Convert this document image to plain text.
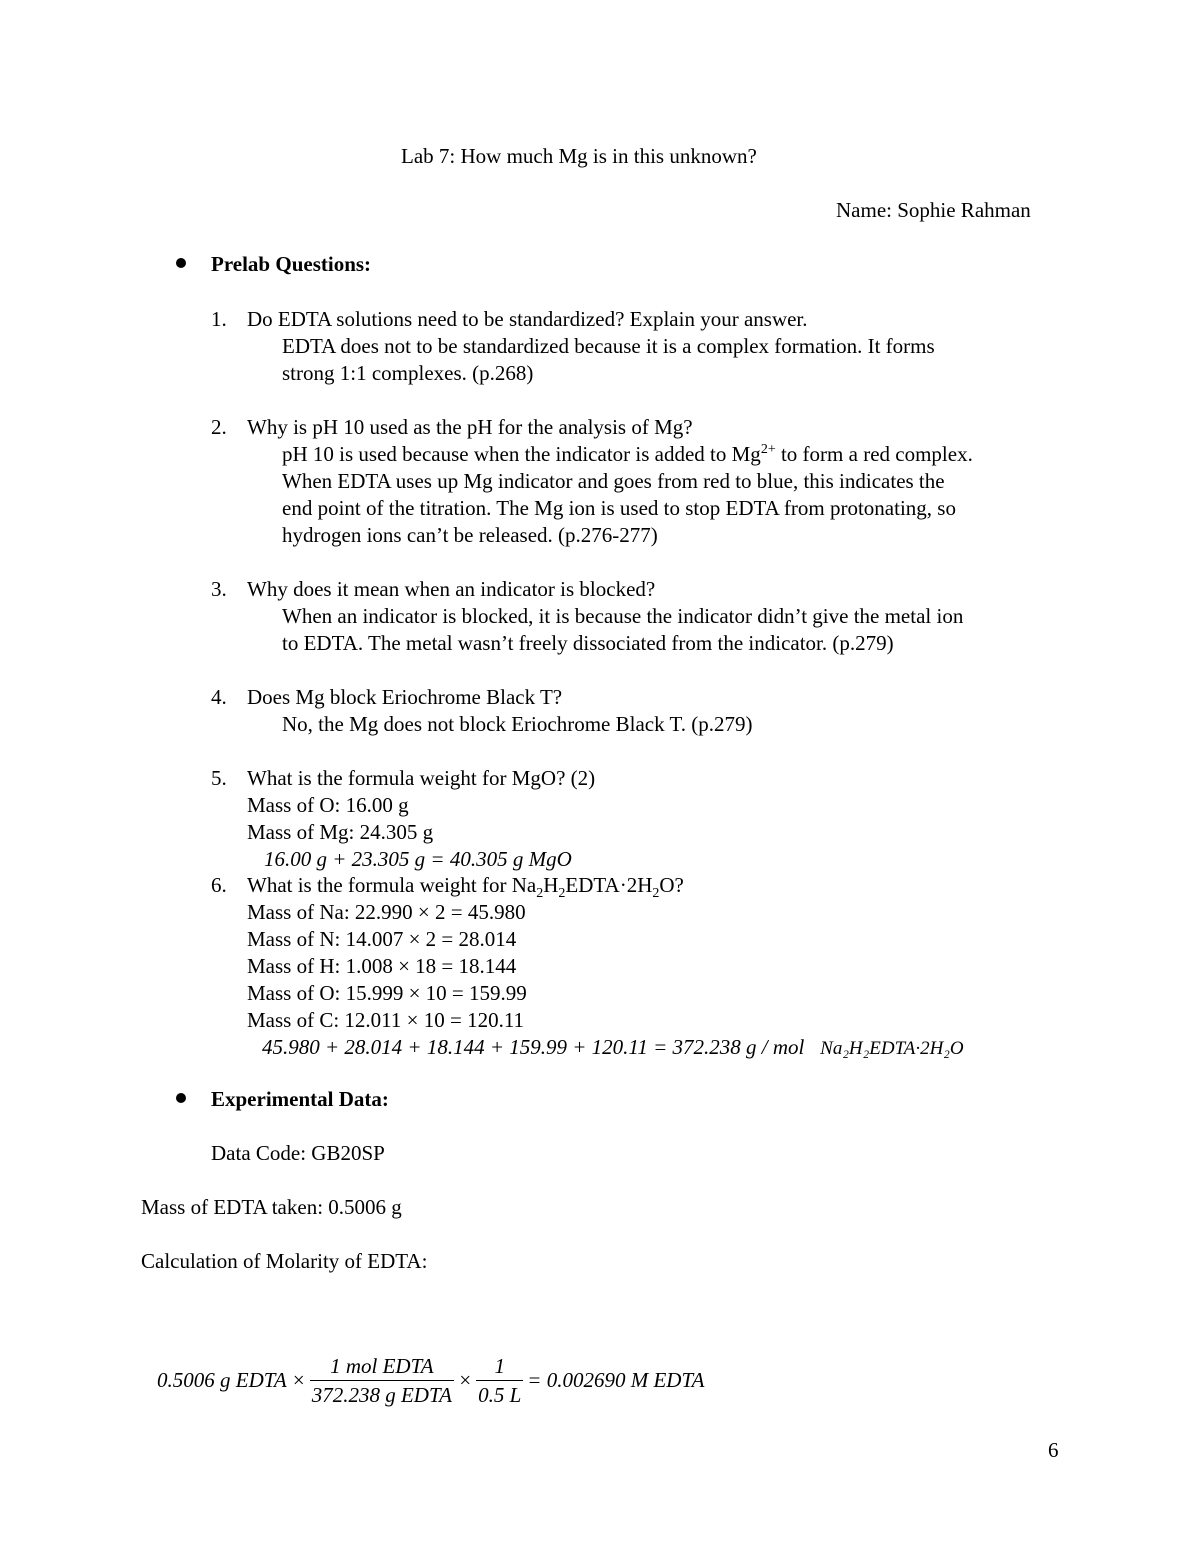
Lab 7: How much Mg is in this unknown?
Name: Sophie Rahman
Prelab Questions:
1. Do EDTA solutions need to be standardized? Explain your answer.
EDTA does not to be standardized because it is a complex formation. It forms
strong 1:1 complexes. (p.268)
2. Why is pH 10 used as the pH for the analysis of Mg?
pH 10 is used because when the indicator is added to $Mg^{2+}$ to form a red complex.
When EDTA uses up Mg indicator and goes from red to blue, this indicates the
end point of the titration. The Mg ion is used to stop EDTA from protonating, so
hydrogen ions can’t be released. (p.276-277)
3. Why does it mean when an indicator is blocked?
When an indicator is blocked, it is because the indicator didn’t give the metal ion
to EDTA. The metal wasn’t freely dissociated from the indicator. (p.279)
4. Does Mg block Eriochrome Black T?
No, the Mg does not block Eriochrome Black T. (p.279)
5. What is the formula weight for MgO? (2)
Mass of O: 16.00 g
Mass of Mg: 24.305 g
16.00 g + 23.305 g = 40.305 g MgO
6. What is the formula weight for $Na_2H_2EDTA\cdot 2H_2O$?
Mass of Na: 22.990 × 2 = 45.980
Mass of N: 14.007 × 2 = 28.014
Mass of H: 1.008 × 18 = 18.144
Mass of O: 15.999 × 10 = 159.99
Mass of C: 12.011 × 10 = 120.11
45.980 + 28.014 + 18.144 + 159.99 + 120.11 = 372.238 g / mol Na₂H₂EDTA·2H₂O
Experimental Data:
Data Code: GB20SP
Mass of EDTA taken: 0.5006 g
Calculation of Molarity of EDTA:
0.5006 g EDTA × $\frac{\text{1 mol EDTA}}{\text{372.238 g EDTA}} \times \frac{1}{0.5 L} = 0.002690$ M EDTA
6
